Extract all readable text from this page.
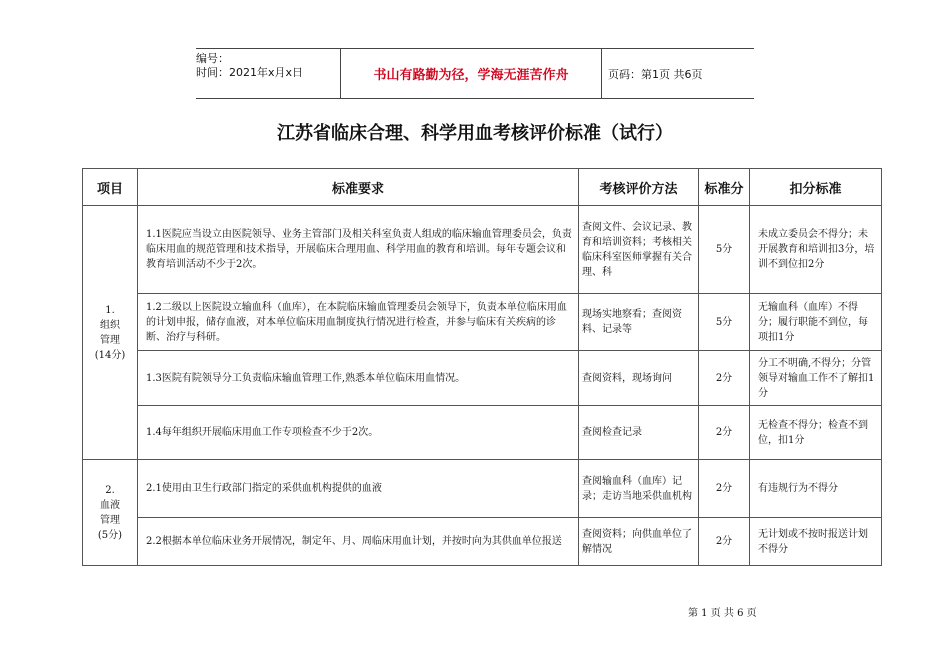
编号：
时间：2021年x月x日	书山有路勤为径，学海无涯苦作舟	页码：第1页 共6页
江苏省临床合理、科学用血考核评价标准（试行）
项目	标准要求	考核评价方法	标准分	扣分标准

1.
组织
管理
(14分)	1.1医院应当设立由医院领导、业务主管部门及相关科室负责人组成的临床输血管理委员会，负责临床用血的规范管理和技术指导，开展临床合理用血、科学用血的教育和培训。每年专题会议和教育培训活动不少于2次。	查阅文件、会议记录、教育和培训资料；考核相关临床科室医师掌握有关合理、科	5分	未成立委员会不得分；未开展教育和培训扣3分，培训不到位扣2分
	1.2二级以上医院设立输血科（血库），在本院临床输血管理委员会领导下，负责本单位临床用血的计划申报，储存血液，对本单位临床用血制度执行情况进行检查，并参与临床有关疾病的诊断、治疗与科研。	现场实地察看；查阅资料、记录等	5分	无输血科（血库）不得分；履行职能不到位，每项扣1分
	1.3医院有院领导分工负责临床输血管理工作,熟悉本单位临床用血情况。	查阅资料，现场询问	2分	分工不明确,不得分；分管领导对输血工作不了解扣1分
	1.4每年组织开展临床用血工作专项检查不少于2次。	查阅检查记录	2分	无检查不得分；检查不到位，扣1分

2.
血液
管理
(5分)	2.1使用由卫生行政部门指定的采供血机构提供的血液	查阅输血科（血库）记录；走访当地采供血机构	2分	有违规行为不得分
	2.2根据本单位临床业务开展情况，制定年、月、周临床用血计划，并按时向为其供血单位报送	查阅资料；向供血单位了解情况	2分	无计划或不按时报送计划不得分
第 1 页 共 6 页
